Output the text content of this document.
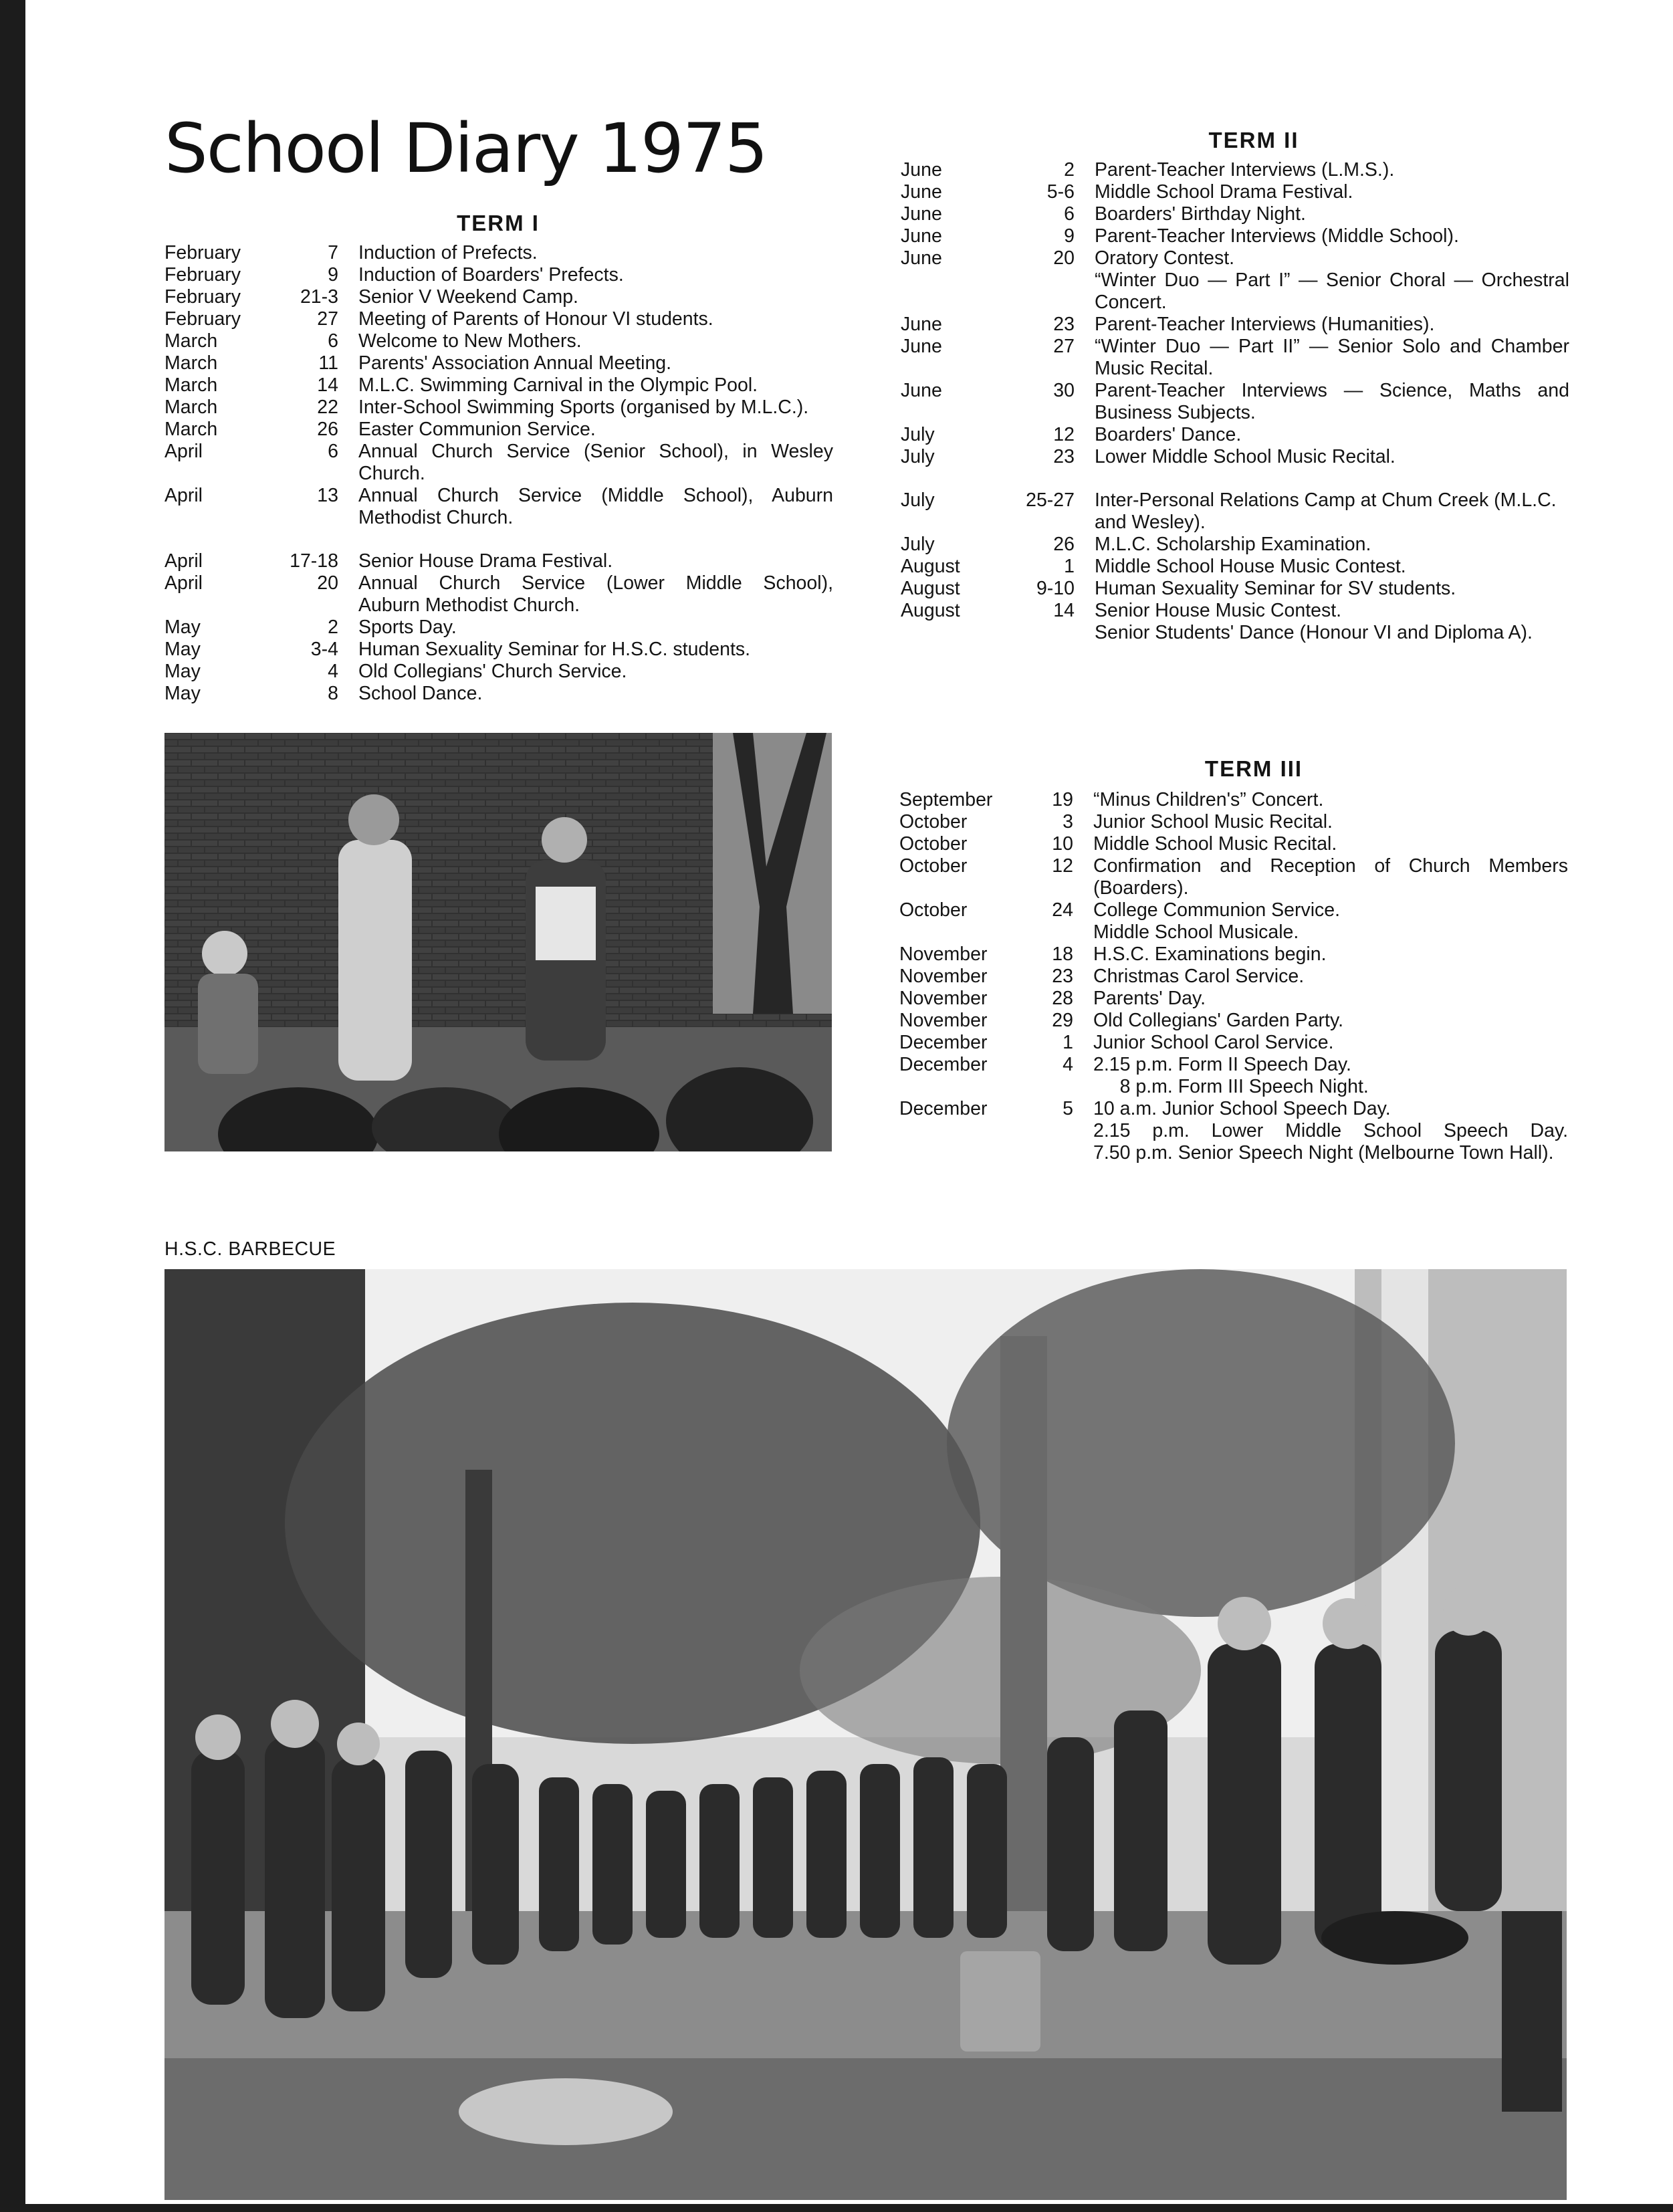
School Diary 1975
TERM I
February	7 Induction of Prefects.
February	9 Induction of Boarders' Prefects.
February	21-3 Senior V Weekend Camp.
February	27 Meeting of Parents of Honour VI students.
March	6 Welcome to New Mothers.
March	11 Parents' Association Annual Meeting.
March	14 M.L.C. Swimming Carnival in the Olympic Pool.
March	22 Inter-School Swimming Sports (organised by M.L.C.).
March	26 Easter Communion Service.
April	6 Annual Church Service (Senior School), in Wesley
Church.
April	13 Annual Church Service (Middle School), Auburn
Methodist Church.
April	17-18 Senior House Drama Festival.
April	20 Annual Church Service (Lower Middle School),
Auburn Methodist Church.
May	2 Sports Day.
May	3-4 Human Sexuality Seminar for H.S.C. students.
May	4 Old Collegians' Church Service.
May	8 School Dance.
TERM II
June	2 Parent-Teacher Interviews (L.M.S.).
June	5-6 Middle School Drama Festival.
June	6 Boarders' Birthday Night.
June	9 Parent-Teacher Interviews (Middle School).
June	20 Oratory Contest.
“Winter Duo — Part I” — Senior Choral — Orchestral
Concert.
June	23 Parent-Teacher Interviews (Humanities).
June	27 “Winter Duo — Part II” — Senior Solo and Chamber
Music Recital.
June	30 Parent-Teacher Interviews — Science, Maths and
Business Subjects.
July	12 Boarders' Dance.
July	23 Lower Middle School Music Recital.
July	25-27 Inter-Personal Relations Camp at Chum Creek (M.L.C.
and Wesley).
July	26 M.L.C. Scholarship Examination.
August	1 Middle School House Music Contest.
August	9-10 Human Sexuality Seminar for SV students.
August	14 Senior House Music Contest.
Senior Students' Dance (Honour VI and Diploma A).
TERM III
September	19 “Minus Children's” Concert.
October	3 Junior School Music Recital.
October	10 Middle School Music Recital.
October	12 Confirmation and Reception of Church Members
(Boarders).
October	24 College Communion Service.
Middle School Musicale.
November	18 H.S.C. Examinations begin.
November	23 Christmas Carol Service.
November	28 Parents' Day.
November	29 Old Collegians' Garden Party.
December	1 Junior School Carol Service.
December	4 2.15 p.m. Form II Speech Day.
8 p.m. Form III Speech Night.
December	5 10 a.m. Junior School Speech Day.
2.15 p.m. Lower Middle School Speech Day.
7.50 p.m. Senior Speech Night (Melbourne Town Hall).
H.S.C. BARBECUE
